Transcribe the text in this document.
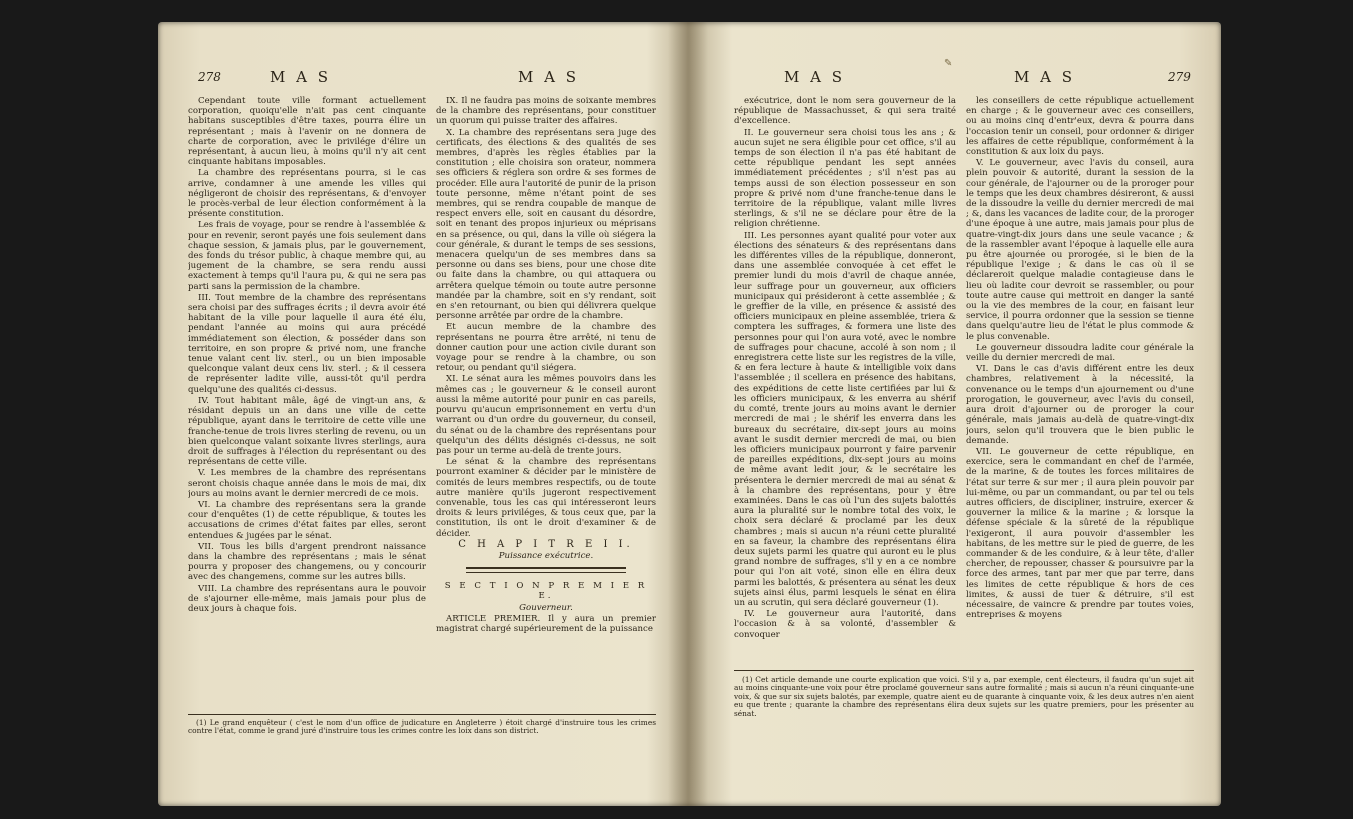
278	M A S	M A S

Cependant toute ville formant actuellement corporation, quoiqu'elle n'ait pas cent cinquante habitans susceptibles d'être taxes, pourra élire un représentant ; mais à l'avenir on ne donnera de charte de corporation, avec le privilége d'élire un représentant, à aucun lieu, à moins qu'il n'y ait cent cinquante habitans imposables.

La chambre des représentans pourra, si le cas arrive, condamner à une amende les villes qui négligeront de choisir des représentans, & d'envoyer le procès-verbal de leur élection conformément à la présente constitution.

Les frais de voyage, pour se rendre à l'assemblée & pour en revenir, seront payés une fois seulement dans chaque session, & jamais plus, par le gouvernement, des fonds du trésor public, à chaque membre qui, au jugement de la chambre, se sera rendu aussi exactement à temps qu'il l'aura pu, & qui ne sera pas parti sans la permission de la chambre.

III. Tout membre de la chambre des représentans sera choisi par des suffrages écrits ; il devra avoir été habitant de la ville pour laquelle il aura été élu, pendant l'année au moins qui aura précédé immédiatement son élection, & posséder dans son territoire, en son propre & privé nom, une franche tenue valant cent liv. sterl., ou un bien imposable quelconque valant deux cens liv. sterl. ; & il cessera de représenter ladite ville, aussi-tôt qu'il perdra quelqu'une des qualités ci-dessus.

IV. Tout habitant mâle, âgé de vingt-un ans, & résidant depuis un an dans une ville de cette république, ayant dans le territoire de cette ville une franche-tenue de trois livres sterling de revenu, ou un bien quelconque valant soixante livres sterlings, aura droit de suffrages à l'élection du représentant ou des représentans de cette ville.

V. Les membres de la chambre des représentans seront choisis chaque année dans le mois de mai, dix jours au moins avant le dernier mercredi de ce mois.

VI. La chambre des représentans sera la grande cour d'enquêtes (1) de cette république, & toutes les accusations de crimes d'état faites par elles, seront entendues & jugées par le sénat.

VII. Tous les bills d'argent prendront naissance dans la chambre des représentans ; mais le sénat pourra y proposer des changemens, ou y concourir avec des changemens, comme sur les autres bills.

VIII. La chambre des représentans aura le pouvoir de s'ajourner elle-même, mais jamais pour plus de deux jours à chaque fois.

IX. Il ne faudra pas moins de soixante membres de la chambre des représentans, pour constituer un quorum qui puisse traiter des affaires.

X. La chambre des représentans sera juge des certificats, des élections & des qualités de ses membres, d'après les règles établies par la constitution ; elle choisira son orateur, nommera ses officiers & réglera son ordre & ses formes de procéder. Elle aura l'autorité de punir de la prison toute personne, même n'étant point de ses membres, qui se rendra coupable de manque de respect envers elle, soit en causant du désordre, soit en tenant des propos injurieux ou méprisans en sa présence, ou qui, dans la ville où siégera la cour générale, & durant le temps de ses sessions, menacera quelqu'un de ses membres dans sa personne ou dans ses biens, pour une chose dite ou faite dans la chambre, ou qui attaquera ou arrêtera quelque témoin ou toute autre personne mandée par la chambre, soit en s'y rendant, soit en s'en retournant, ou bien qui délivrera quelque personne arrêtée par ordre de la chambre.

Et aucun membre de la chambre des représentans ne pourra être arrêté, ni tenu de donner caution pour une action civile durant son voyage pour se rendre à la chambre, ou son retour, ou pendant qu'il siégera.

XI. Le sénat aura les mêmes pouvoirs dans les mêmes cas ; le gouverneur & le conseil auront aussi la même autorité pour punir en cas pareils, pourvu qu'aucun emprisonnement en vertu d'un warrant ou d'un ordre du gouverneur, du conseil, du sénat ou de la chambre des représentans pour quelqu'un des délits désignés ci-dessus, ne soit pas pour un terme au-delà de trente jours.

Le sénat & la chambre des représentans pourront examiner & décider par le ministère de comités de leurs membres respectifs, ou de toute autre manière qu'ils jugeront respectivement convenable, tous les cas qui intéresseront leurs droits & leurs priviléges, & tous ceux que, par la constitution, ils ont le droit d'examiner & de décider.

C H A P I T R E I I.

Puissance exécutrice.

S E C T I O N P R E M I E R E.

Gouverneur.

ARTICLE PREMIER. Il y aura un premier magistrat chargé supérieurement de la puissance

(1) Le grand enquêteur ( c'est le nom d'un office de judicature en Angleterre ) étoit chargé d'instruire tous les crimes contre l'état, comme le grand juré d'instruire tous les crimes contre les loix dans son district.

✎
M A S	M A S	279

exécutrice, dont le nom sera gouverneur de la république de Massachusset, & qui sera traité d'excellence.

II. Le gouverneur sera choisi tous les ans ; & aucun sujet ne sera éligible pour cet office, s'il au temps de son élection il n'a pas été habitant de cette république pendant les sept années immédiatement précédentes ; s'il n'est pas au temps aussi de son élection possesseur en son propre & privé nom d'une franche-tenue dans le territoire de la république, valant mille livres sterlings, & s'il ne se déclare pour être de la religion chrétienne.

III. Les personnes ayant qualité pour voter aux élections des sénateurs & des représentans dans les différentes villes de la république, donneront, dans une assemblée convoquée à cet effet le premier lundi du mois d'avril de chaque année, leur suffrage pour un gouverneur, aux officiers municipaux qui présideront à cette assemblée ; & le greffier de la ville, en présence & assisté des officiers municipaux en pleine assemblée, triera & comptera les suffrages, & formera une liste des personnes pour qui l'on aura voté, avec le nombre de suffrages pour chacune, accolé à son nom ; il enregistrera cette liste sur les registres de la ville, & en fera lecture à haute & intelligible voix dans l'assemblée ; il scellera en présence des habitans, des expéditions de cette liste certifiées par lui & les officiers municipaux, & les enverra au shérif du comté, trente jours au moins avant le dernier mercredi de mai ; le shérif les enverra dans les bureaux du secrétaire, dix-sept jours au moins avant le susdit dernier mercredi de mai, ou bien les officiers municipaux pourront y faire parvenir de pareilles expéditions, dix-sept jours au moins de même avant ledit jour, & le secrétaire les présentera le dernier mercredi de mai au sénat & à la chambre des représentans, pour y être examinées. Dans le cas où l'un des sujets balottés aura la pluralité sur le nombre total des voix, le choix sera déclaré & proclamé par les deux chambres ; mais si aucun n'a réuni cette pluralité en sa faveur, la chambre des représentans élira deux sujets parmi les quatre qui auront eu le plus grand nombre de suffrages, s'il y en a ce nombre pour qui l'on ait voté, sinon elle en élira deux parmi les balottés, & présentera au sénat les deux sujets ainsi élus, parmi lesquels le sénat en élira un au scrutin, qui sera déclaré gouverneur (1).

IV. Le gouverneur aura l'autorité, dans l'occasion & à sa volonté, d'assembler & convoquer

les conseillers de cette république actuellement en charge ; & le gouverneur avec ces conseillers, ou au moins cinq d'entr'eux, devra & pourra dans l'occasion tenir un conseil, pour ordonner & diriger les affaires de cette république, conformément à la constitution & aux loix du pays.

V. Le gouverneur, avec l'avis du conseil, aura plein pouvoir & autorité, durant la session de la cour générale, de l'ajourner ou de la proroger pour le temps que les deux chambres désireront, & aussi de la dissoudre la veille du dernier mercredi de mai ; &, dans les vacances de ladite cour, de la proroger d'une époque à une autre, mais jamais pour plus de quatre-vingt-dix jours dans une seule vacance ; & de la rassembler avant l'époque à laquelle elle aura pu être ajournée ou prorogée, si le bien de la république l'exige ; & dans le cas où il se déclareroit quelque maladie contagieuse dans le lieu où ladite cour devroit se rassembler, ou pour toute autre cause qui mettroit en danger la santé ou la vie des membres de la cour, en faisant leur service, il pourra ordonner que la session se tienne dans quelqu'autre lieu de l'état le plus commode & le plus convenable.

Le gouverneur dissoudra ladite cour générale la veille du dernier mercredi de mai.

VI. Dans le cas d'avis différent entre les deux chambres, relativement à la nécessité, la convenance ou le temps d'un ajournement ou d'une prorogation, le gouverneur, avec l'avis du conseil, aura droit d'ajourner ou de proroger la cour générale, mais jamais au-delà de quatre-vingt-dix jours, selon qu'il trouvera que le bien public le demande.

VII. Le gouverneur de cette république, en exercice, sera le commandant en chef de l'armée, de la marine, & de toutes les forces militaires de l'état sur terre & sur mer ; il aura plein pouvoir par lui-même, ou par un commandant, ou par tel ou tels autres officiers, de discipliner, instruire, exercer & gouverner la milice & la marine ; & lorsque la défense spéciale & la sûreté de la république l'exigeront, il aura pouvoir d'assembler les habitans, de les mettre sur le pied de guerre, de les commander & de les conduire, & à leur tête, d'aller chercher, de repousser, chasser & poursuivre par la force des armes, tant par mer que par terre, dans les limites de cette république & hors de ces limites, & aussi de tuer & détruire, s'il est nécessaire, de vaincre & prendre par toutes voies, entreprises & moyens

(1) Cet article demande une courte explication que voici. S'il y a, par exemple, cent électeurs, il faudra qu'un sujet ait au moins cinquante-une voix pour être proclamé gouverneur sans autre formalité ; mais si aucun n'a réuni cinquante-une voix, & que sur six sujets balotés, par exemple, quatre aient eu de quarante à cinquante voix, & les deux autres n'en aient eu que trente ; quarante la chambre des représentans élira deux sujets sur les quatre premiers, pour les présenter au sénat.
